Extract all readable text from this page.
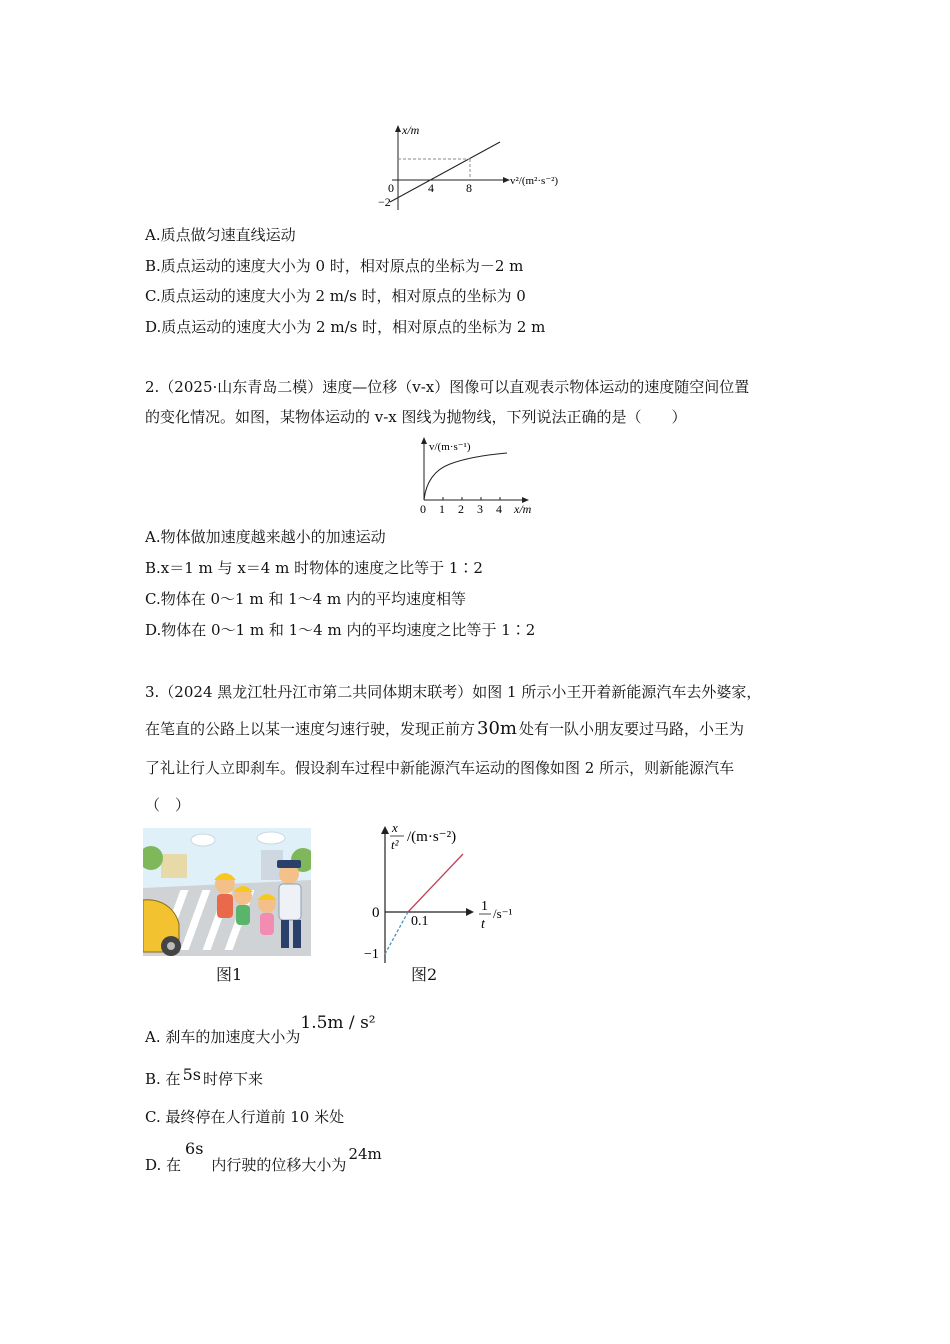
x/m
v²/(m²·s⁻²)
0
−2
4	8
A.质点做匀速直线运动
B.质点运动的速度大小为 0 时，相对原点的坐标为－2 m
C.质点运动的速度大小为 2 m/s 时，相对原点的坐标为 0
D.质点运动的速度大小为 2 m/s 时，相对原点的坐标为 2 m
2.（2025·山东青岛二模）速度—位移（v-x）图像可以直观表示物体运动的速度随空间位置
的变化情况。如图，某物体运动的 v-x 图线为抛物线，下列说法正确的是（　　）
v/(m·s⁻¹)
0 1 2 3 4 x/m
A.物体做加速度越来越小的加速运动
B.x＝1 m 与 x＝4 m 时物体的速度之比等于 1∶2
C.物体在 0～1 m 和 1～4 m 内的平均速度相等
D.物体在 0～1 m 和 1～4 m 内的平均速度之比等于 1∶2
3.（2024 黑龙江牡丹江市第二共同体期末联考）如图 1 所示小王开着新能源汽车去外婆家，
在笔直的公路上以某一速度匀速行驶，发现正前方 30m 处有一队小朋友要过马路，小王为
了礼让行人立即刹车。假设刹车过程中新能源汽车运动的图像如图 2 所示，则新能源汽车
（　）
图1
x
t² /(m·s⁻²)
0
0.1
−1
1
t
/s⁻¹
图2
A. 刹车的加速度大小为1.5m / s²
B. 在 5s 时停下来
C. 最终停在人行道前 10 米处
D. 在6s内行驶的位移大小为24m
